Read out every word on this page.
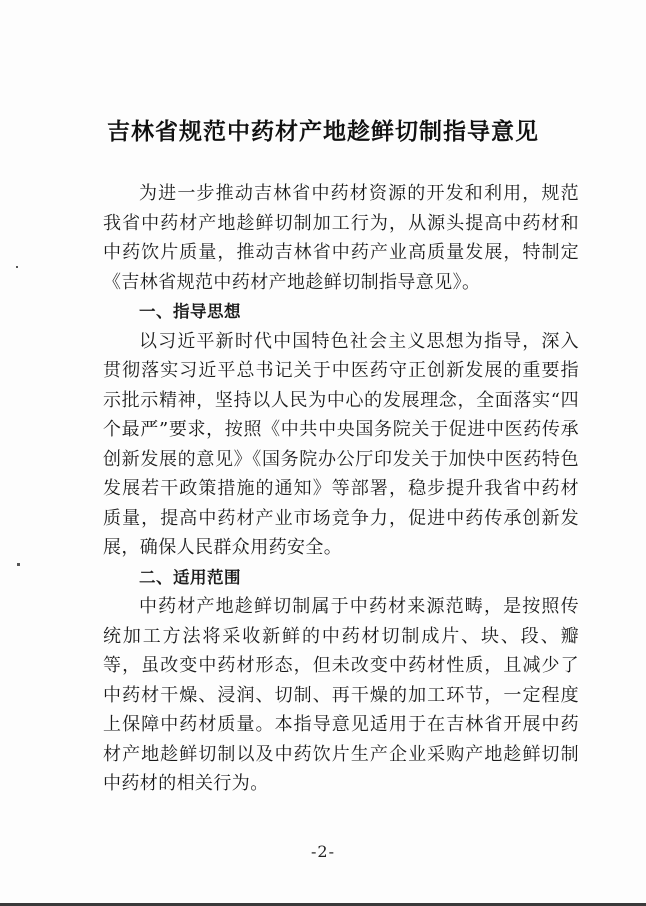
吉林省规范中药材产地趁鲜切制指导意见

为进一步推动吉林省中药材资源的开发和利用，规范我省中药材产地趁鲜切制加工行为，从源头提高中药材和中药饮片质量，推动吉林省中药产业高质量发展，特制定《吉林省规范中药材产地趁鲜切制指导意见》。

一、指导思想

以习近平新时代中国特色社会主义思想为指导，深入贯彻落实习近平总书记关于中医药守正创新发展的重要指示批示精神，坚持以人民为中心的发展理念，全面落实“四个最严”要求，按照《中共中央国务院关于促进中医药传承创新发展的意见》《国务院办公厅印发关于加快中医药特色发展若干政策措施的通知》等部署，稳步提升我省中药材质量，提高中药材产业市场竞争力，促进中药传承创新发展，确保人民群众用药安全。

二、适用范围

中药材产地趁鲜切制属于中药材来源范畴，是按照传统加工方法将采收新鲜的中药材切制成片、块、段、瓣等，虽改变中药材形态，但未改变中药材性质，且减少了中药材干燥、浸润、切制、再干燥的加工环节，一定程度上保障中药材质量。本指导意见适用于在吉林省开展中药材产地趁鲜切制以及中药饮片生产企业采购产地趁鲜切制中药材的相关行为。

-2-
